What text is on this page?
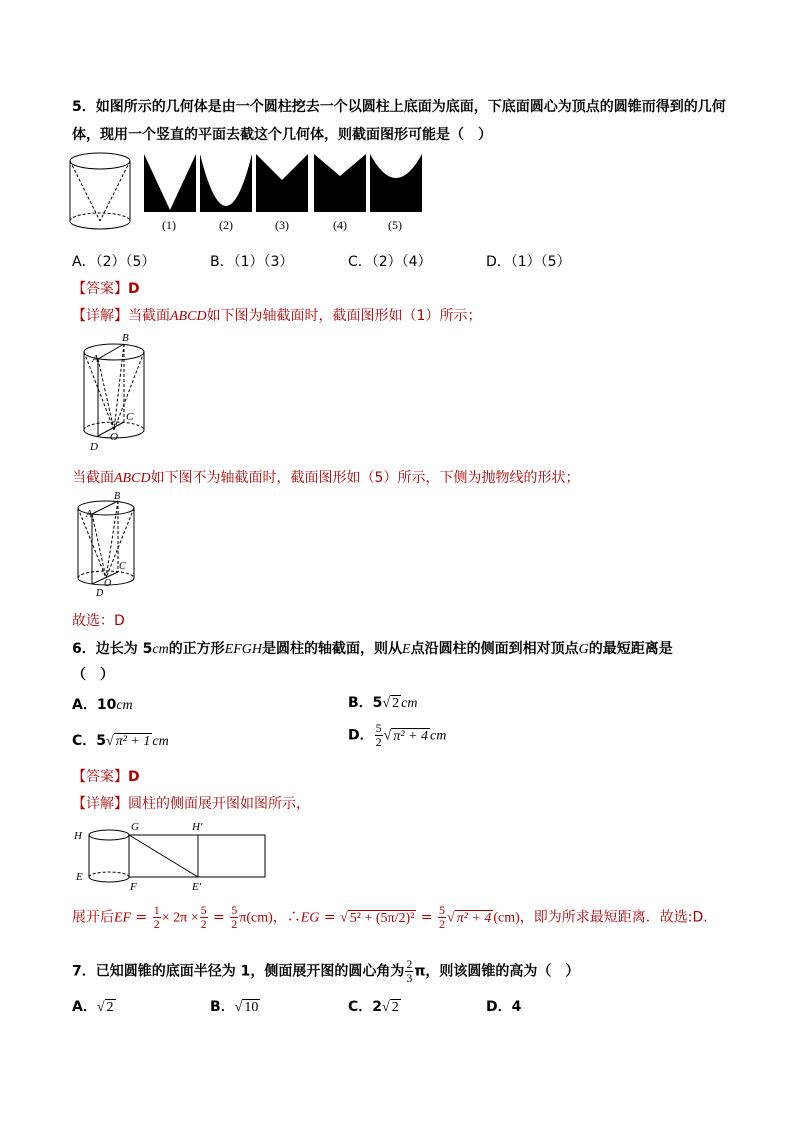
5．如图所示的几何体是由一个圆柱挖去一个以圆柱上底面为底面，下底面圆心为顶点的圆锥而得到的几何
体，现用一个竖直的平面去截这个几何体，则截面图形可能是（　）
(1)	(2)	(3)	(4)	(5)
A．（2）（5）	B．（1）（3）	C．（2）（4）	D．（1）（5）
【答案】D
【详解】当截面ABCD如下图为轴截面时，截面图形如（1）所示；
A
B
C
D
O
当截面ABCD如下图不为轴截面时，截面图形如（5）所示，下侧为抛物线的形状；
A
B
C
D
O
故选：D
6．边长为 5cm的正方形EFGH是圆柱的轴截面，则从E点沿圆柱的侧面到相对顶点G的最短距离是
（　）
A．10cm	B．5√ 2 cm
C．5√ π² + 1 cm	D． $\frac{5}{2}$ √ π² + 4 cm
【答案】D
【详解】圆柱的侧面展开图如图所示，
H
G	H′
E
F	E′
展开后EF = $\frac{1}{2} \times 2\pi \times \frac{5}{2} = \frac{5}{2} \pi(cm)$，∴EG = √ $5^2 + (5\pi/2)^2 = \frac{5}{2}$ √ π² + 4 (cm)，即为所求最短距离．故选:D.
7．已知圆锥的底面半径为 1，侧面展开图的圆心角为 $\frac{2}{3}$ π，则该圆锥的高为（　）
A．√ 2	B．√ 10	C．2√ 2	D．4
